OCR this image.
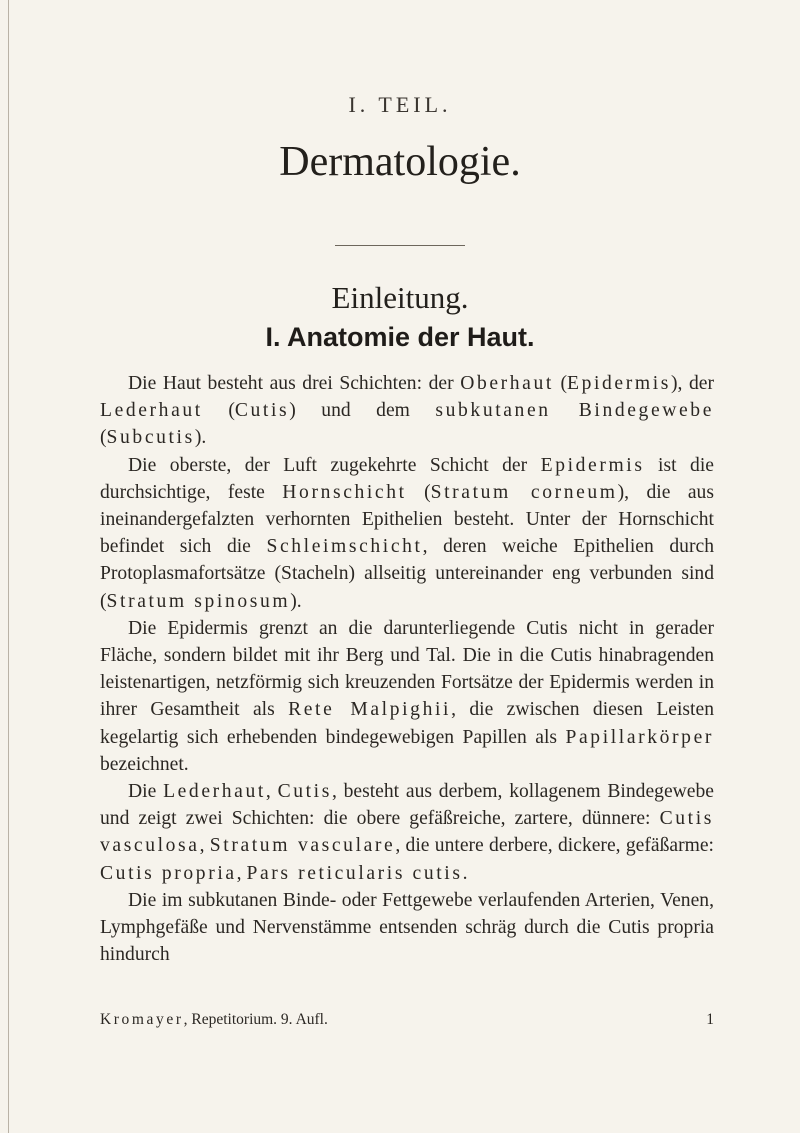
I. TEIL.
Dermatologie.
Einleitung.
I. Anatomie der Haut.

Die Haut besteht aus drei Schichten: der Oberhaut (Epidermis), der Lederhaut (Cutis) und dem subkutanen Bindegewebe (Subcutis).

Die oberste, der Luft zugekehrte Schicht der Epidermis ist die durchsichtige, feste Hornschicht (Stratum corneum), die aus ineinandergefalzten verhornten Epithelien besteht. Unter der Hornschicht befindet sich die Schleimschicht, deren weiche Epithelien durch Protoplasmafortsätze (Stacheln) allseitig untereinander eng verbunden sind (Stratum spinosum).

Die Epidermis grenzt an die darunterliegende Cutis nicht in gerader Fläche, sondern bildet mit ihr Berg und Tal. Die in die Cutis hinabragenden leistenartigen, netzförmig sich kreuzenden Fortsätze der Epidermis werden in ihrer Gesamtheit als Rete Malpighii, die zwischen diesen Leisten kegelartig sich erhebenden bindegewebigen Papillen als Papillarkörper bezeichnet.

Die Lederhaut, Cutis, besteht aus derbem, kollagenem Bindegewebe und zeigt zwei Schichten: die obere gefäßreiche, zartere, dünnere: Cutis vasculosa, Stratum vasculare, die untere derbere, dickere, gefäßarme: Cutis propria, Pars reticularis cutis.

Die im subkutanen Binde- oder Fettgewebe verlaufenden Arterien, Venen, Lymphgefäße und Nervenstämme entsenden schräg durch die Cutis propria hindurch

Kromayer, Repetitorium. 9. Aufl.	1
